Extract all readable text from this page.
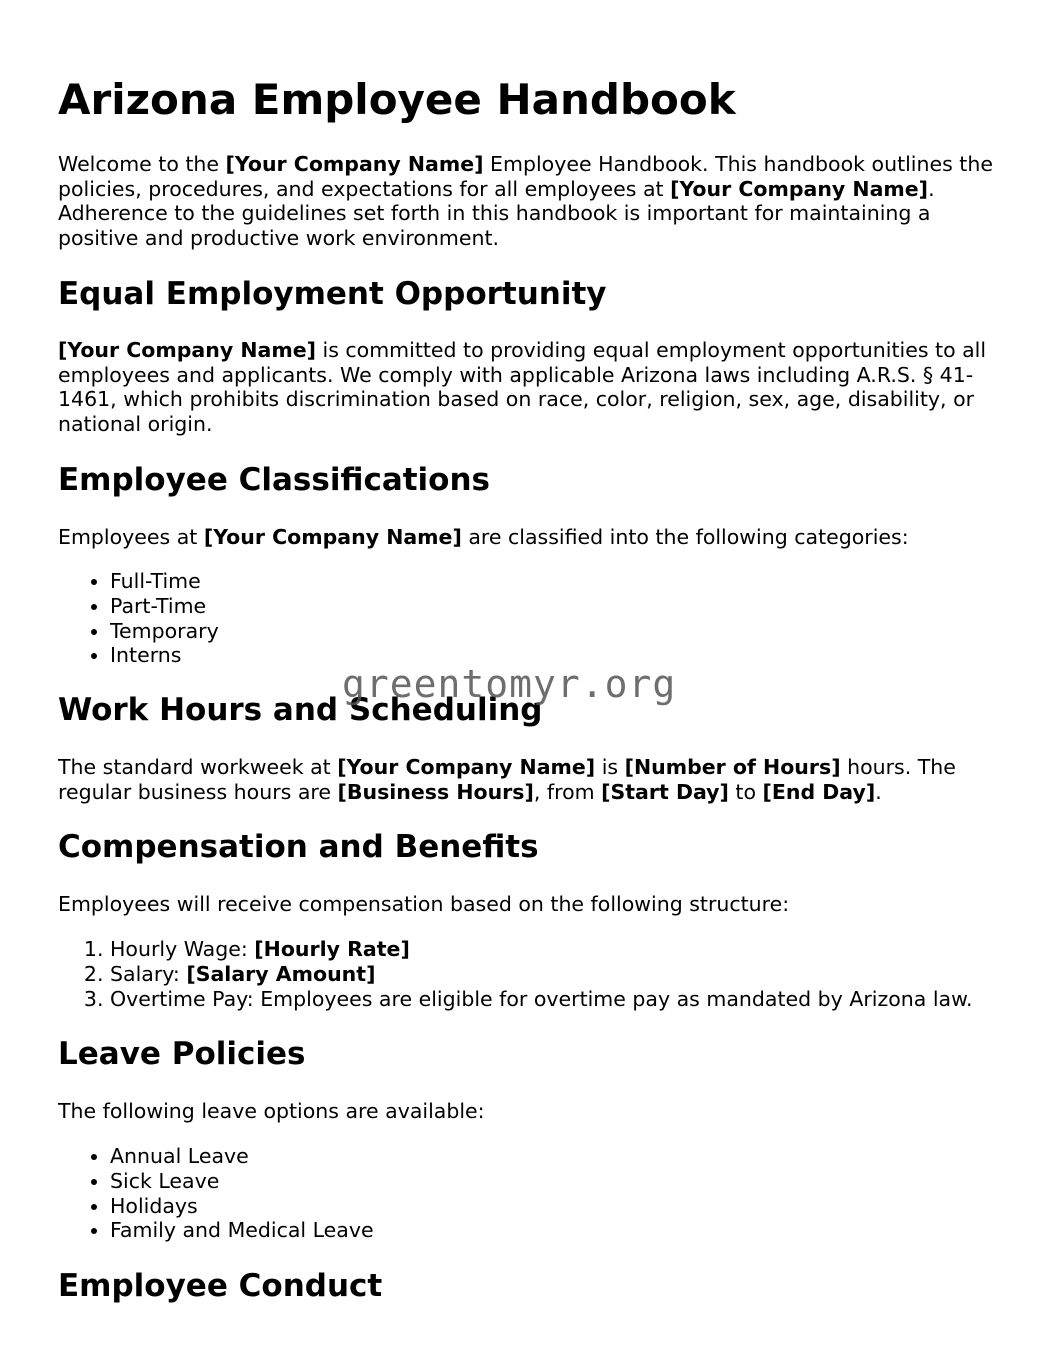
Arizona Employee Handbook

Welcome to the [Your Company Name] Employee Handbook. This handbook outlines the policies, procedures, and expectations for all employees at [Your Company Name]. Adherence to the guidelines set forth in this handbook is important for maintaining a positive and productive work environment.

Equal Employment Opportunity

[Your Company Name] is committed to providing equal employment opportunities to all employees and applicants. We comply with applicable Arizona laws including A.R.S. § 41-1461, which prohibits discrimination based on race, color, religion, sex, age, disability, or national origin.

Employee Classifications

Employees at [Your Company Name] are classified into the following categories:

• Full-Time
• Part-Time
• Temporary
• Interns
Work Hours and Scheduling

The standard workweek at [Your Company Name] is [Number of Hours] hours. The regular business hours are [Business Hours], from [Start Day] to [End Day].

Compensation and Benefits

Employees will receive compensation based on the following structure:

1. Hourly Wage: [Hourly Rate]
2. Salary: [Salary Amount]
3. Overtime Pay: Employees are eligible for overtime pay as mandated by Arizona law.
Leave Policies

The following leave options are available:

• Annual Leave
• Sick Leave
• Holidays
• Family and Medical Leave
Employee Conduct
greentomyr.org
